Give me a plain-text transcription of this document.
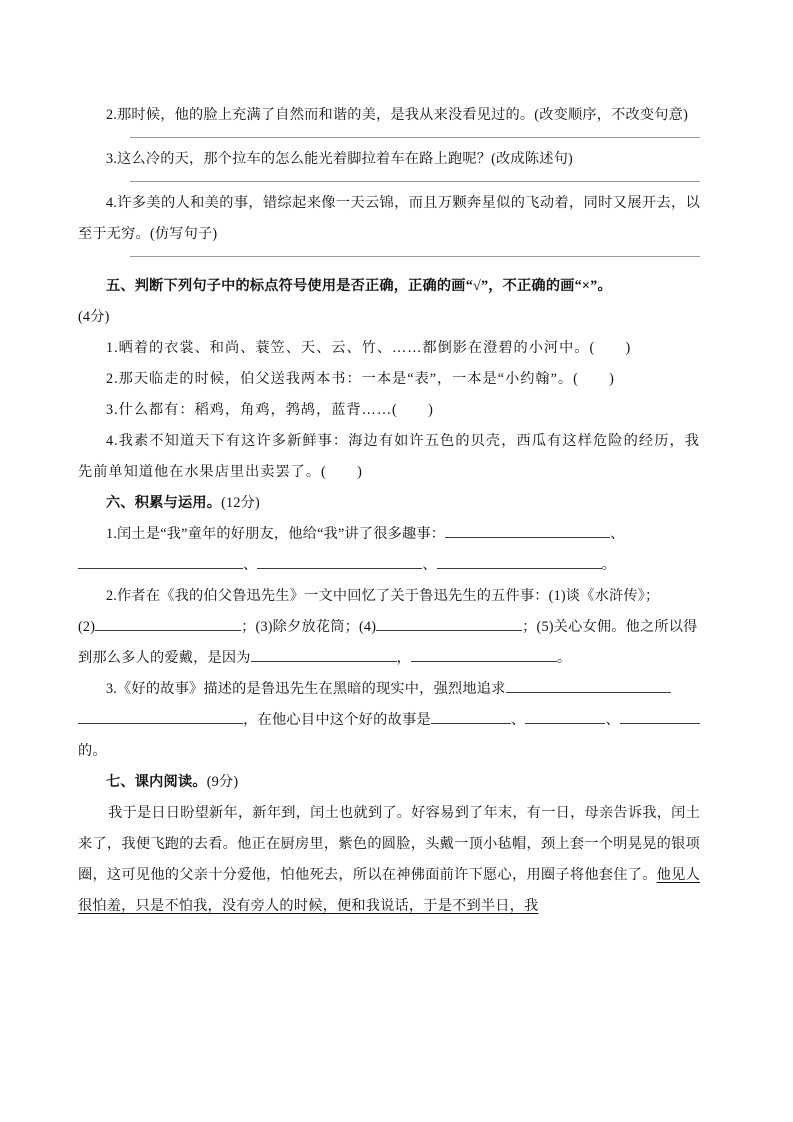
2.那时候，他的脸上充满了自然而和谐的美，是我从来没看见过的。(改变顺序，不改变句意)

3.这么冷的天，那个拉车的怎么能光着脚拉着车在路上跑呢？(改成陈述句)

4.许多美的人和美的事，错综起来像一天云锦，而且万颗奔星似的飞动着，同时又展开去，以至于无穷。(仿写句子)

五、判断下列句子中的标点符号使用是否正确，正确的画“√”，不正确的画“×”。

(4分)

1.晒着的衣裳、和尚、蓑笠、天、云、竹、……都倒影在澄碧的小河中。(　　)

2.那天临走的时候，伯父送我两本书：一本是“表”，一本是“小约翰”。(　　)

3.什么都有：稻鸡，角鸡，鹁鸪，蓝背……(　　)

4.我素不知道天下有这许多新鲜事：海边有如许五色的贝壳，西瓜有这样危险的经历，我先前单知道他在水果店里出卖罢了。(　　)

六、积累与运用。(12分)

1.闰土是“我”童年的好朋友，他给“我”讲了很多趣事：	、

、	、	。

2.作者在《我的伯父鲁迅先生》一文中回忆了关于鲁迅先生的五件事：(1)谈《水浒传》；

(2)	；(3)除夕放花筒；(4)	；(5)关心女佣。他之所以得

到那么多人的爱戴，是因为	，	。

3.《好的故事》描述的是鲁迅先生在黑暗的现实中，强烈地追求

，在他心目中这个好的故事是	、	、的。

七、课内阅读。(9分)

我于是日日盼望新年，新年到，闰土也就到了。好容易到了年末，有一日，母亲告诉我，闰土来了，我便飞跑的去看。他正在厨房里，紫色的圆脸，头戴一顶小毡帽，颈上套一个明晃晃的银项圈，这可见他的父亲十分爱他，怕他死去，所以在神佛面前许下愿心，用圈子将他套住了。他见人很怕羞，只是不怕我，没有旁人的时候，便和我说话，于是不到半日，我
